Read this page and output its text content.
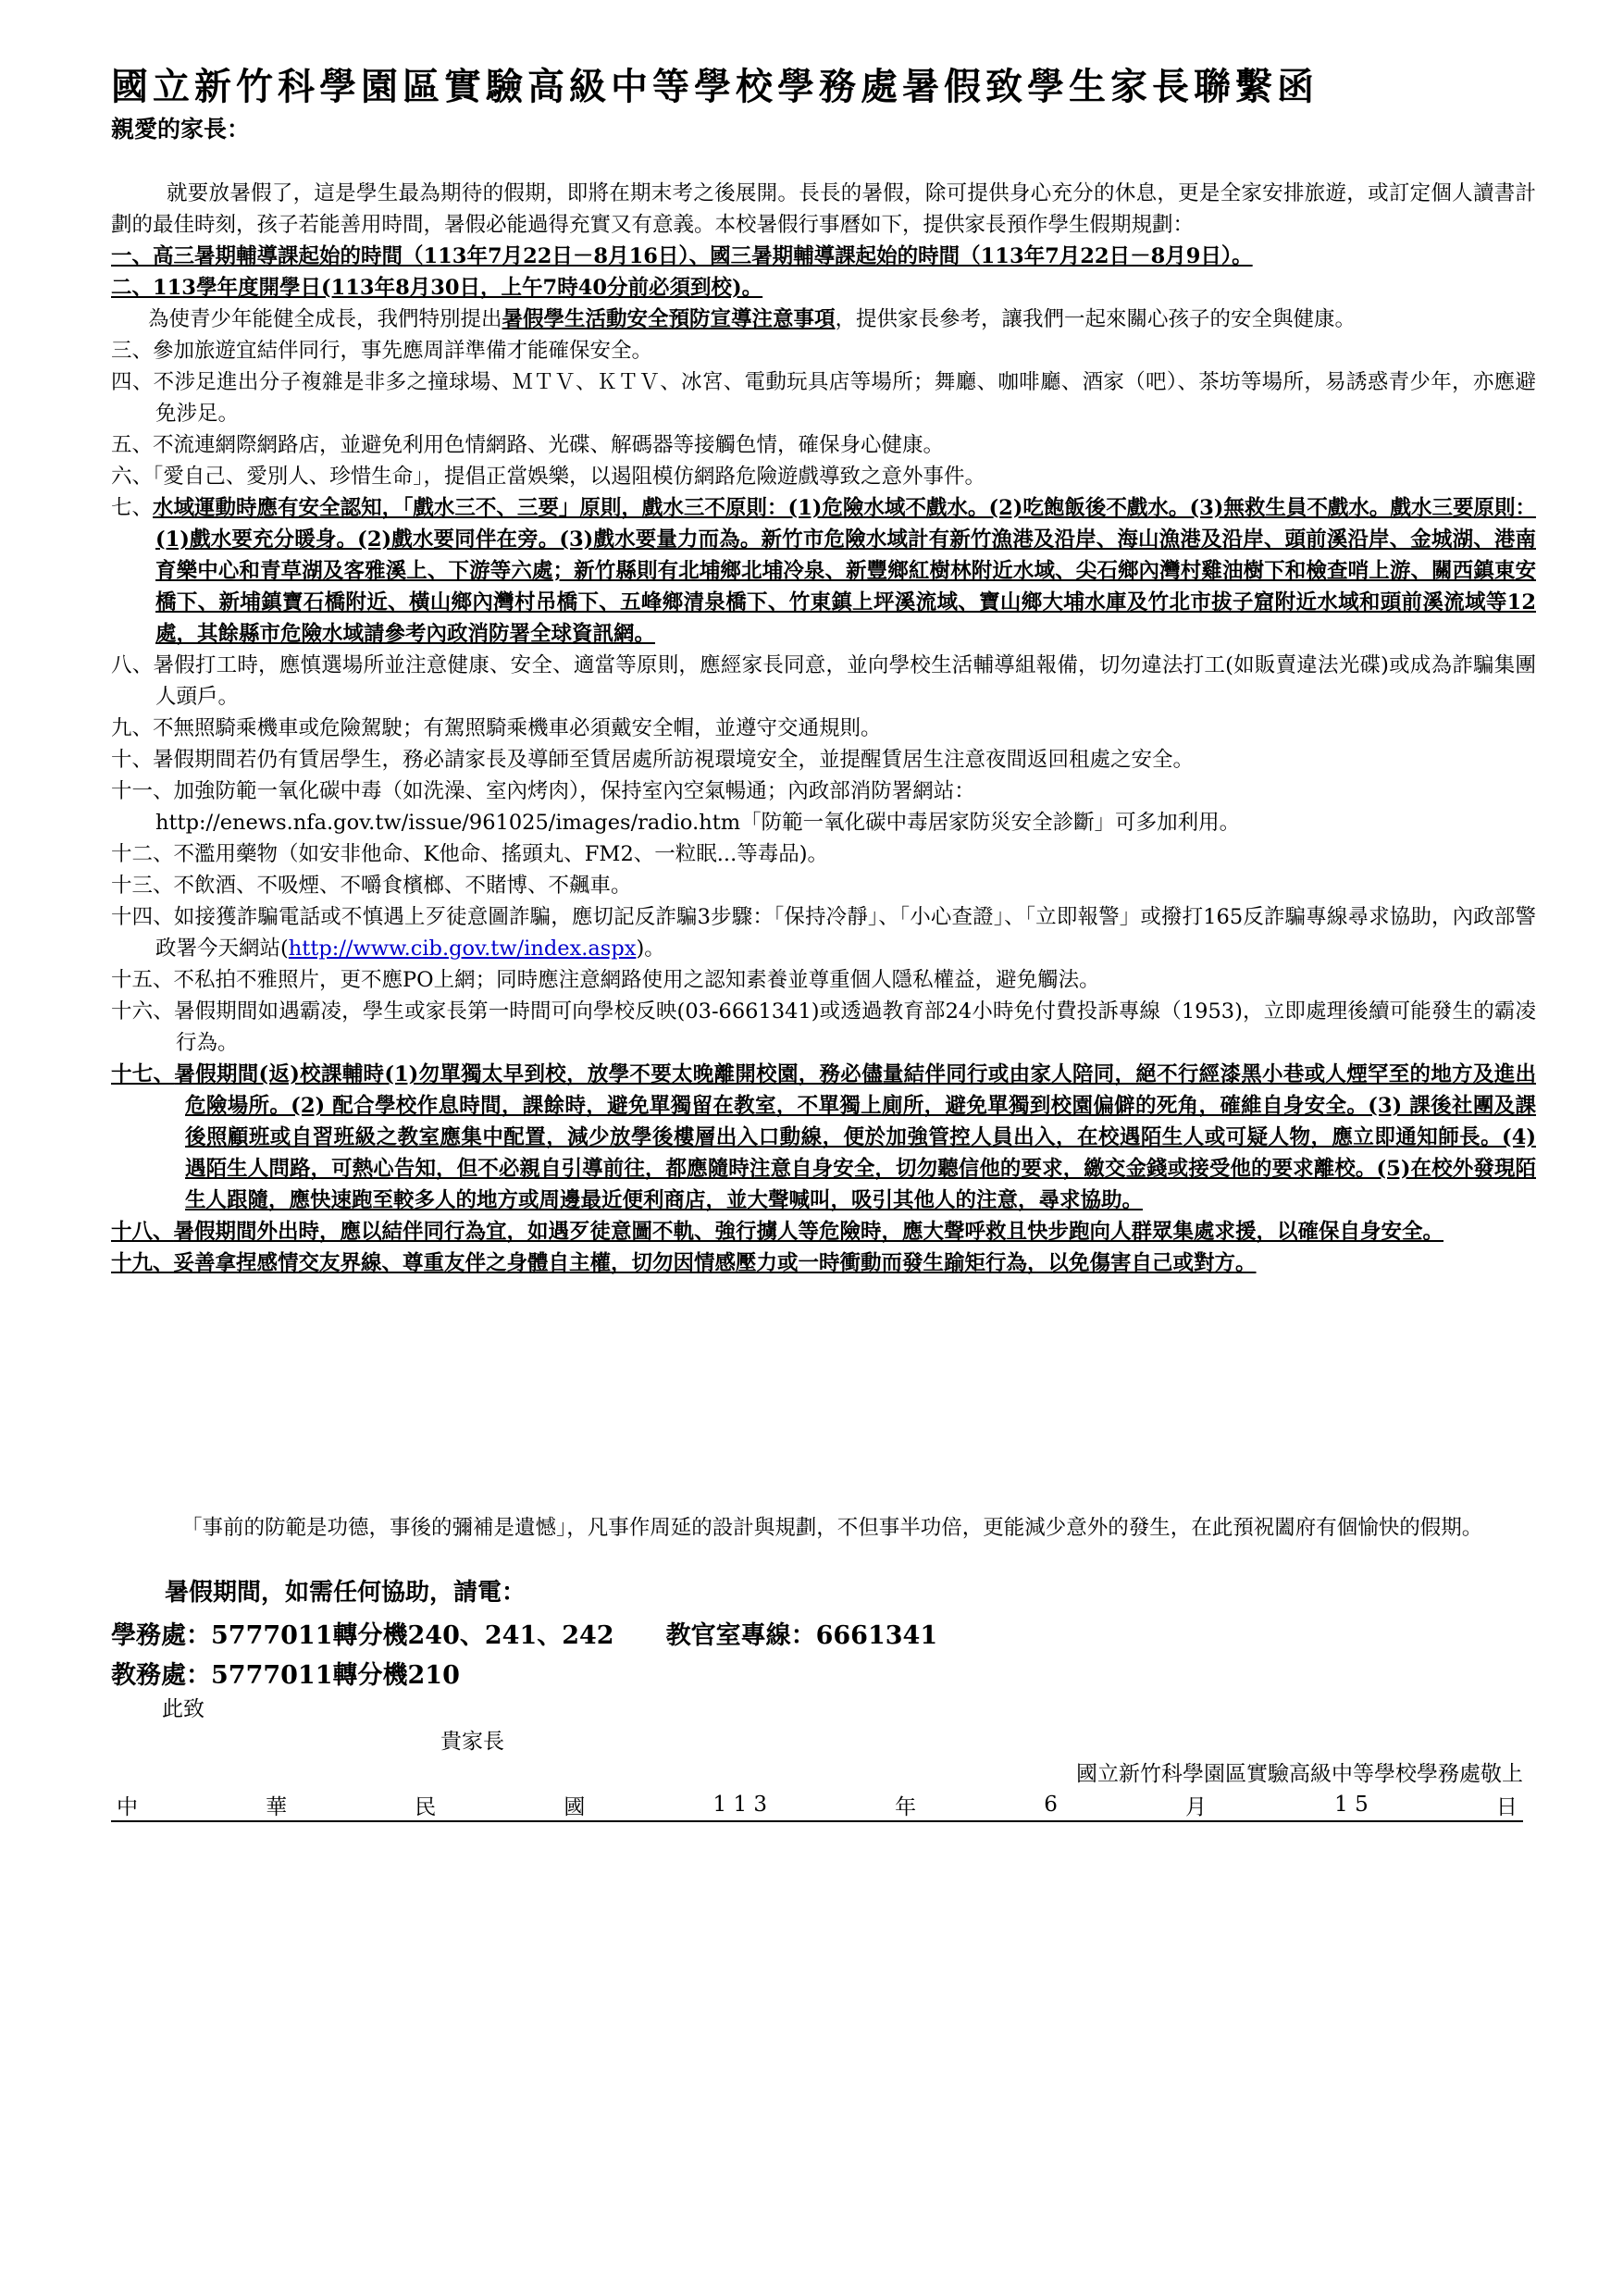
國立新竹科學園區實驗高級中等學校學務處暑假致學生家長聯繫函
親愛的家長：

就要放暑假了，這是學生最為期待的假期，即將在期末考之後展開。長長的暑假，除可提供身心充分的休息，更是全家安排旅遊，或訂定個人讀書計劃的最佳時刻，孩子若能善用時間，暑假必能過得充實又有意義。本校暑假行事曆如下，提供家長預作學生假期規劃：

一、高三暑期輔導課起始的時間（113年7月22日－8月16日）、國三暑期輔導課起始的時間（113年7月22日－8月9日）。

二、113學年度開學日(113年8月30日，上午7時40分前必須到校)。

為使青少年能健全成長，我們特別提出暑假學生活動安全預防宣導注意事項，提供家長參考，讓我們一起來關心孩子的安全與健康。

三、參加旅遊宜結伴同行，事先應周詳準備才能確保安全。

四、不涉足進出分子複雜是非多之撞球場、ＭＴＶ、ＫＴＶ、冰宮、電動玩具店等場所；舞廳、咖啡廳、酒家（吧）、茶坊等場所，易誘惑青少年，亦應避免涉足。

五、不流連網際網路店，並避免利用色情網路、光碟、解碼器等接觸色情，確保身心健康。

六、「愛自己、愛別人、珍惜生命」，提倡正當娛樂，以遏阻模仿網路危險遊戲導致之意外事件。

七、水域運動時應有安全認知，「戲水三不、三要」原則，戲水三不原則：(1)危險水域不戲水。(2)吃飽飯後不戲水。(3)無救生員不戲水。戲水三要原則：(1)戲水要充分暖身。(2)戲水要同伴在旁。(3)戲水要量力而為。新竹市危險水域計有新竹漁港及沿岸、海山漁港及沿岸、頭前溪沿岸、金城湖、港南育樂中心和青草湖及客雅溪上、下游等六處；新竹縣則有北埔鄉北埔冷泉、新豐鄉紅樹林附近水域、尖石鄉內灣村雞油樹下和檢查哨上游、關西鎮東安橋下、新埔鎮寶石橋附近、橫山鄉內灣村吊橋下、五峰鄉清泉橋下、竹東鎮上坪溪流域、寶山鄉大埔水庫及竹北市拔子窟附近水域和頭前溪流域等12處，其餘縣市危險水域請參考內政消防署全球資訊網。

八、暑假打工時，應慎選場所並注意健康、安全、適當等原則，應經家長同意，並向學校生活輔導組報備，切勿違法打工(如販賣違法光碟)或成為詐騙集團人頭戶。

九、不無照騎乘機車或危險駕駛；有駕照騎乘機車必須戴安全帽，並遵守交通規則。

十、暑假期間若仍有賃居學生，務必請家長及導師至賃居處所訪視環境安全，並提醒賃居生注意夜間返回租處之安全。

十一、加強防範一氧化碳中毒（如洗澡、室內烤肉），保持室內空氣暢通；內政部消防署網站：

http://enews.nfa.gov.tw/issue/961025/images/radio.htm「防範一氧化碳中毒居家防災安全診斷」可多加利用。

十二、不濫用藥物（如安非他命、K他命、搖頭丸、FM2、一粒眠...等毒品)。

十三、不飲酒、不吸煙、不嚼食檳榔、不賭博、不飆車。

十四、如接獲詐騙電話或不慎遇上歹徒意圖詐騙，應切記反詐騙3步驟：「保持冷靜」、「小心查證」、「立即報警」或撥打165反詐騙專線尋求協助，內政部警政署今天網站(http://www.cib.gov.tw/index.aspx)。

十五、不私拍不雅照片，更不應PO上網；同時應注意網路使用之認知素養並尊重個人隱私權益，避免觸法。

十六、暑假期間如遇霸凌，學生或家長第一時間可向學校反映(03-6661341)或透過教育部24小時免付費投訴專線（1953)，立即處理後續可能發生的霸凌行為。

十七、暑假期間(返)校課輔時(1)勿單獨太早到校，放學不要太晚離開校園，務必儘量結伴同行或由家人陪同，絕不行經漆黑小巷或人煙罕至的地方及進出危險場所。(2) 配合學校作息時間，課餘時，避免單獨留在教室，不單獨上廁所，避免單獨到校園偏僻的死角，確維自身安全。(3) 課後社團及課後照顧班或自習班級之教室應集中配置，減少放學後樓層出入口動線，便於加強管控人員出入，在校遇陌生人或可疑人物，應立即通知師長。(4) 遇陌生人問路，可熱心告知，但不必親自引導前往，都應隨時注意自身安全，切勿聽信他的要求，繳交金錢或接受他的要求離校。(5)在校外發現陌生人跟隨，應快速跑至較多人的地方或周邊最近便利商店，並大聲喊叫，吸引其他人的注意，尋求協助。

十八、暑假期間外出時，應以結伴同行為宜，如遇歹徒意圖不軌、強行擄人等危險時，應大聲呼救且快步跑向人群眾集處求援，以確保自身安全。

十九、妥善拿捏感情交友界線、尊重友伴之身體自主權，切勿因情感壓力或一時衝動而發生踰矩行為，以免傷害自己或對方。

「事前的防範是功德，事後的彌補是遺憾」，凡事作周延的設計與規劃，不但事半功倍，更能減少意外的發生，在此預祝闔府有個愉快的假期。

暑假期間，如需任何協助，請電：
學務處：5777011轉分機240、241、242 教官室專線：6661341
教務處：5777011轉分機210
此致
貴家長
國立新竹科學園區實驗高級中等學校學務處敬上
中	華	民	國	1 1 3	年	6	月	1 5	日
